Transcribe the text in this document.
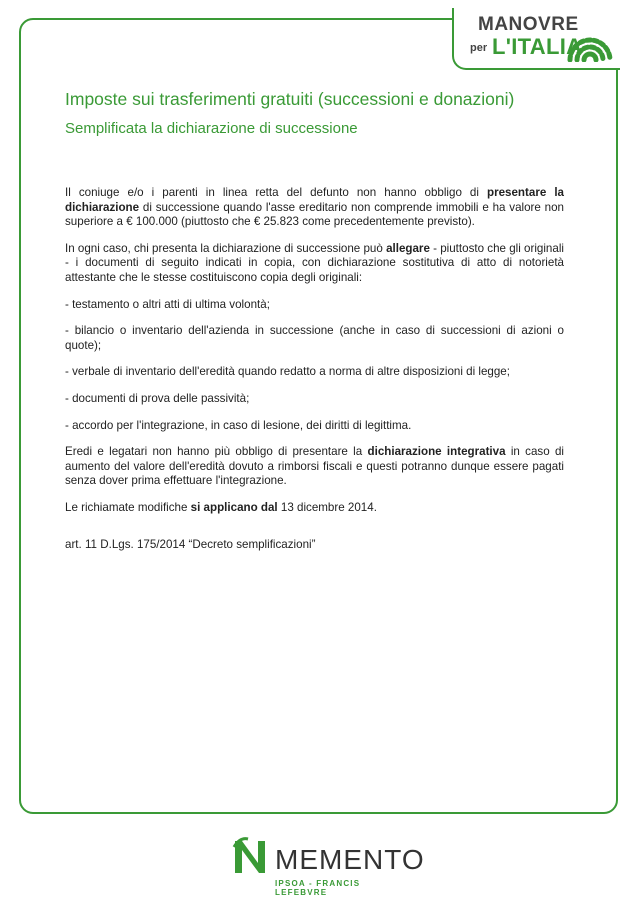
MANOVRE
per L'ITALIA
Imposte sui trasferimenti gratuiti (successioni e donazioni)
Semplificata la dichiarazione di successione

Il coniuge e/o i parenti in linea retta del defunto non hanno obbligo di presentare la dichiarazione di successione quando l'asse ereditario non comprende immobili e ha valore non superiore a € 100.000 (piuttosto che € 25.823 come precedentemente previsto).

In ogni caso, chi presenta la dichiarazione di successione può allegare - piuttosto che gli originali - i documenti di seguito indicati in copia, con dichiarazione sostitutiva di atto di notorietà attestante che le stesse costituiscono copia degli originali:

- testamento o altri atti di ultima volontà;

- bilancio o inventario dell'azienda in successione (anche in caso di successioni di azioni o quote);

- verbale di inventario dell'eredità quando redatto a norma di altre disposizioni di legge;

- documenti di prova delle passività;

- accordo per l'integrazione, in caso di lesione, dei diritti di legittima.

Eredi e legatari non hanno più obbligo di presentare la dichiarazione integrativa in caso di aumento del valore dell'eredità dovuto a rimborsi fiscali e questi potranno dunque essere pagati senza dover prima effettuare l'integrazione.

Le richiamate modifiche si applicano dal 13 dicembre 2014.

art. 11 D.Lgs. 175/2014 “Decreto semplificazioni”

MEMENTO
IPSOA - FRANCIS LEFEBVRE
